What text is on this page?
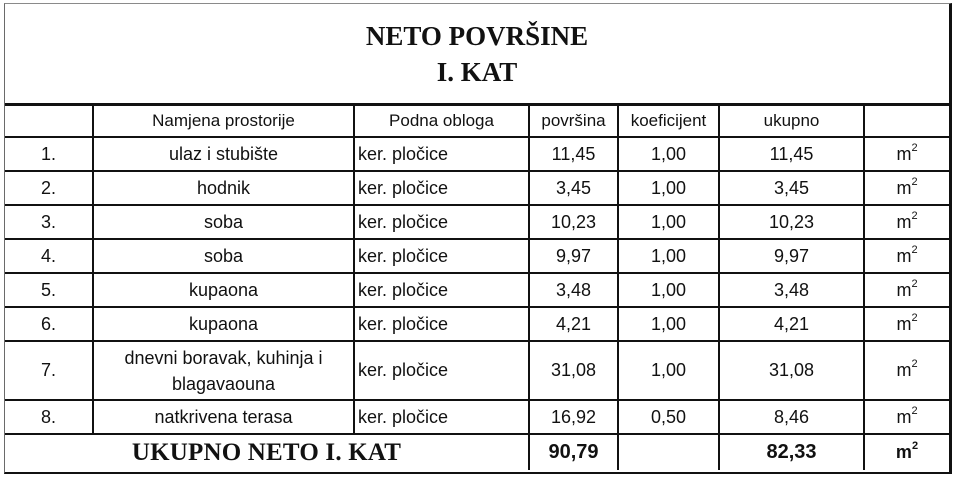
NETO POVRŠINE
I. KAT
	Namjena prostorije	Podna obloga	površina	koeficijent	ukupno	
1.	ulaz i stubište	ker. pločice	11,45	1,00	11,45	$m^2$
2.	hodnik	ker. pločice	3,45	1,00	3,45	$m^2$
3.	soba	ker. pločice	10,23	1,00	10,23	$m^2$
4.	soba	ker. pločice	9,97	1,00	9,97	$m^2$
5.	kupaona	ker. pločice	3,48	1,00	3,48	$m^2$
6.	kupaona	ker. pločice	4,21	1,00	4,21	$m^2$
7.	dnevni boravak, kuhinja i blagavaouna	ker. pločice	31,08	1,00	31,08	$m^2$
8.	natkrivena terasa	ker. pločice	16,92	0,50	8,46	$m^2$
UKUPNO NETO I. KAT			90,79		82,33	$m^2$
